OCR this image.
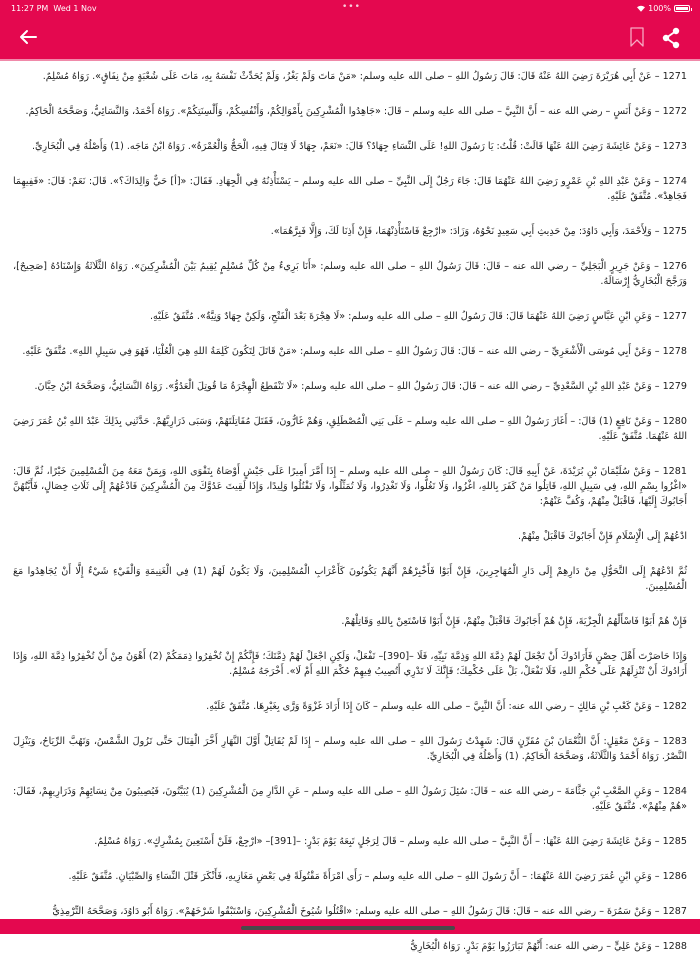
11:27 PM Wed 1 Nov	•••	100%

1271 – عَنْ أَبِي هُرَيْرَةَ رَضِيَ اللهُ عَنْهُ قَالَ: قَالَ رَسُولُ اللهِ – صلى الله عليه وسلم: «مَنْ مَاتَ وَلَمْ يَغْزُ، وَلَمْ يُحَدِّثْ نَفْسَهُ بِهِ، مَاتَ عَلَى شُعْبَةٍ مِنْ نِفَاقٍ». رَوَاهُ مُسْلِمٌ.

1272 – وَعَنْ أَنَسٍ – رضي الله عنه – أَنَّ النَّبِيَّ – صلى الله عليه وسلم – قَالَ: «جَاهِدُوا الْمُشْرِكِينَ بِأَمْوَالِكُمْ، وَأَنْفُسِكُمْ، وَأَلْسِنَتِكُمْ». رَوَاهُ أَحْمَدُ، وَالنَّسَائِيُّ، وَصَحَّحَهُ الْحَاكِمُ.

1273 – وَعَنْ عَائِشَةَ رَضِيَ اللهُ عَنْهَا قَالَتْ: قُلْتُ: يَا رَسُولَ اللهِ! عَلَى النِّسَاءِ جِهَادٌ؟ قَالَ: «نَعَمْ، جِهَادٌ لَا قِتَالَ فِيهِ، الْحَجُّ وَالْعُمْرَةُ». رَوَاهُ ابْنُ مَاجَه. (1) وَأَصْلُهُ فِي الْبُخَارِيِّ.

1274 – وَعَنْ عَبْدِ اللهِ بْنِ عَمْرٍو رَضِيَ اللهُ عَنْهُمَا قَالَ: جَاءَ رَجُلٌ إِلَى النَّبِيِّ – صلى الله عليه وسلم – يَسْتَأْذِنُهُ فِي الْجِهَادِ. فَقَالَ: «[أ] حَيٌّ وَالِدَاكَ؟». قَالَ: نَعَمْ: قَالَ: «فَفِيهِمَا فَجَاهِدْ». مُتَّفَقٌ عَلَيْهِ.

1275 – وَلِأَحْمَدَ، وَأَبِي دَاوُدَ: مِنْ حَدِيثِ أَبِي سَعِيدٍ نَحْوُهُ، وَزَادَ: «ارْجِعْ فَاسْتَأْذِنْهُمَا، فَإِنْ أَذِنَا لَكَ، وَإِلَّا فَبِرَّهُمَا».

1276 – وَعَنْ جَرِيرٍ الْبَجَلِيِّ – رضي الله عنه – قَالَ: قَالَ رَسُولُ اللهِ – صلى الله عليه وسلم: «أَنَا بَرِيءٌ مِنْ كُلِّ مُسْلِمٍ يُقِيمُ بَيْنَ الْمُشْرِكِينَ». رَوَاهُ الثَّلَاثَةُ وَإِسْنَادُهُ [صَحِيحٌ]، وَرَجَّحَ الْبُخَارِيُّ إِرْسَالَهُ.

1277 – وَعَنِ ابْنِ عَبَّاسٍ رَضِيَ اللهُ عَنْهُمَا قَالَ: قَالَ رَسُولُ اللهِ – صلى الله عليه وسلم: «لَا هِجْرَةَ بَعْدَ الْفَتْحِ، وَلَكِنْ جِهَادٌ وَنِيَّةٌ». مُتَّفَقٌ عَلَيْهِ.

1278 – وَعَنْ أَبِي مُوسَى الْأَشْعَرِيِّ – رضي الله عنه – قَالَ: قَالَ رَسُولُ اللهِ – صلى الله عليه وسلم: «مَنْ قَاتَلَ لِتَكُونَ كَلِمَةُ اللهِ هِيَ الْعُلْيَا، فَهُوَ فِي سَبِيلِ اللهِ». مُتَّفَقٌ عَلَيْهِ.

1279 – وَعَنْ عَبْدِ اللهِ بْنِ السَّعْدِيِّ – رضي الله عنه – قَالَ: قَالَ رَسُولُ اللهِ – صلى الله عليه وسلم: «لَا تَنْقَطِعُ الْهِجْرَةُ مَا قُوتِلَ الْعَدُوُّ». رَوَاهُ النَّسَائِيُّ، وَصَحَّحَهُ ابْنُ حِبَّانَ.

1280 – وَعَنْ نَافِعٍ (1) قَالَ: – أَغَارَ رَسُولُ اللهِ – صلى الله عليه وسلم – عَلَى بَنِي الْمُصْطَلِقِ، وَهُمْ غَارُّونَ، فَقَتَلَ مُقَاتِلَتَهُمْ، وَسَبَى ذَرَارِيَّهُمْ. حَدَّثَنِي بِذَلِكَ عَبْدُ اللهِ بْنُ عُمَرَ رَضِيَ اللهُ عَنْهُمَا. مُتَّفَقٌ عَلَيْهِ.

1281 – وَعَنْ سُلَيْمَانَ بْنِ بُرَيْدَةَ، عَنْ أَبِيهِ قَالَ: كَانَ رَسُولُ اللهِ – صلى الله عليه وسلم – إِذَا أَمَّرَ أَمِيرًا عَلَى جَيْشٍ أَوْصَاهُ بِتَقْوَى اللهِ، وَبِمَنْ مَعَهُ مِنَ الْمُسْلِمِينَ خَيْرًا، ثُمَّ قَالَ: «اغْزُوا بِسْمِ اللهِ، فِي سَبِيلِ اللهِ، قَاتِلُوا مَنْ كَفَرَ بِاللهِ، اغْزُوا، وَلَا تَغُلُّوا، وَلَا تَغْدِرُوا، وَلَا تُمَثِّلُوا، وَلَا تَقْتُلُوا وَلِيدًا، وَإِذَا لَقِيتَ عَدُوَّكَ مِنَ الْمُشْرِكِينَ فَادْعُهُمْ إِلَى ثَلَاثِ خِصَالٍ، فَأَيَّتُهُنَّ أَجَابُوكَ إِلَيْهَا، فَاقْبَلْ مِنْهُمْ، وَكُفَّ عَنْهُمْ:

ادْعُهُمْ إِلَى الْإِسْلَامِ فَإِنْ أَجَابُوكَ فَاقْبَلْ مِنْهُمْ.

ثُمَّ ادْعُهُمْ إِلَى التَّحَوُّلِ مِنْ دَارِهِمْ إِلَى دَارِ الْمُهَاجِرِينَ، فَإِنْ أَبَوْا فَأَخْبِرْهُمْ أَنَّهُمْ يَكُونُونَ كَأَعْرَابِ الْمُسْلِمِينَ، وَلَا يَكُونُ لَهُمْ (1) فِي الْغَنِيمَةِ وَالْفَيْءِ شَيْءٌ إِلَّا أَنْ يُجَاهِدُوا مَعَ الْمُسْلِمِينَ.

فَإِنْ هُمْ أَبَوْا فَاسْأَلْهُمُ الْجِزْيَةَ، فَإِنْ هُمْ أَجَابُوكَ فَاقْبَلْ مِنْهُمْ، فَإِنْ أَبَوْا فَاسْتَعِنْ بِاللهِ وَقَاتِلْهُمْ.

وَإِذَا حَاصَرْتَ أَهْلَ حِصْنٍ فَأَرَادُوكَ أَنْ تَجْعَلَ لَهُمْ ذِمَّةَ اللهِ وَذِمَّةَ نَبِيِّهِ، فَلَا –[390]– تَفْعَلْ، وَلَكِنِ اجْعَلْ لَهُمْ ذِمَّتَكَ؛ فَإِنَّكُمْ إِنْ تُخْفِرُوا ذِمَمَكُمْ (2) أَهْوَنُ مِنْ أَنْ تُخْفِرُوا ذِمَّةَ اللهِ، وَإِذَا أَرَادُوكَ أَنْ تُنْزِلَهُمْ عَلَى حُكْمِ اللهِ، فَلَا تَفْعَلْ، بَلْ عَلَى حُكْمِكَ؛ فَإِنَّكَ لَا تَدْرِي أَتُصِيبُ فِيهِمْ حُكْمَ اللهِ أَمْ لَا». أَخْرَجَهُ مُسْلِمٌ.

1282 – وَعَنْ كَعْبِ بْنِ مَالِكٍ – رضي الله عنه: أَنَّ النَّبِيَّ – صلى الله عليه وسلم – كَانَ إِذَا أَرَادَ غَزْوَةً وَرَّى بِغَيْرِهَا. مُتَّفَقٌ عَلَيْهِ.

1283 – وَعَنْ مَعْقِلٍ: أَنَّ النُّعْمَانَ بْنَ مُقَرِّنٍ قَالَ: شَهِدْتُ رَسُولَ اللهِ – صلى الله عليه وسلم – إِذَا لَمْ يُقَاتِلْ أَوَّلَ النَّهَارِ أَخَّرَ الْقِتَالَ حَتَّى تَزُولَ الشَّمْسُ، وَتَهُبَّ الرِّيَاحُ، وَيَنْزِلَ النَّصْرُ. رَوَاهُ أَحْمَدُ وَالثَّلَاثَةُ، وَصَحَّحَهُ الْحَاكِمُ. (1) وَأَصْلُهُ فِي الْبُخَارِيِّ.

1284 – وَعَنِ الصَّعْبِ بْنِ جَثَّامَةَ – رضي الله عنه – قَالَ: سُئِلَ رَسُولُ اللهِ – صلى الله عليه وسلم – عَنِ الدَّارِ مِنَ الْمُشْرِكِينَ (1) يُبَيَّتُونَ، فَيُصِيبُونَ مِنْ نِسَائِهِمْ وَذَرَارِيهِمْ، فَقَالَ: «هُمْ مِنْهُمْ». مُتَّفَقٌ عَلَيْهِ.

1285 – وَعَنْ عَائِشَةَ رَضِيَ اللهُ عَنْهَا: – أَنَّ النَّبِيَّ – صلى الله عليه وسلم – قَالَ لِرَجُلٍ تَبِعَهُ يَوْمَ بَدْرٍ: –[391]– «ارْجِعْ، فَلَنْ أَسْتَعِينَ بِمُشْرِكٍ». رَوَاهُ مُسْلِمٌ.

1286 – وَعَنِ ابْنِ عُمَرَ رَضِيَ اللهُ عَنْهُمَا: – أَنَّ رَسُولَ اللهِ – صلى الله عليه وسلم – رَأَى امْرَأَةً مَقْتُولَةً فِي بَعْضِ مَغَازِيهِ، فَأَنْكَرَ قَتْلَ النِّسَاءِ وَالصِّبْيَانِ. مُتَّفَقٌ عَلَيْهِ.

1287 – وَعَنْ سَمُرَةَ – رضي الله عنه – قَالَ: قَالَ رَسُولُ اللهِ – صلى الله عليه وسلم: «اقْتُلُوا شُيُوخَ الْمُشْرِكِينَ، وَاسْتَبْقُوا شَرْخَهُمْ». رَوَاهُ أَبُو دَاوُدَ، وَصَحَّحَهُ التِّرْمِذِيُّ

1288 – وَعَنْ عَلِيٍّ – رضي الله عنه: أَنَّهُمْ تَبَارَزُوا يَوْمَ بَدْرٍ. رَوَاهُ الْبُخَارِيُّ
